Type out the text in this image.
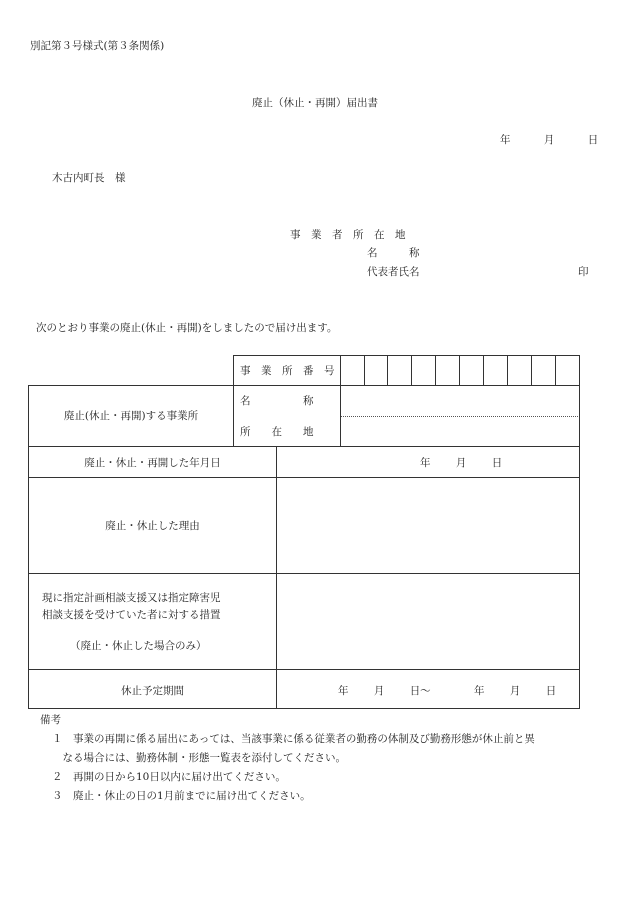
別記第３号様式(第３条関係)
廃止（休止・再開）届出書
年	月	日
木古内町長　様
事　業　者　所　在　地
名　　　称
代表者氏名	印
次のとおり事業の廃止(休止・再開)をしましたので届け出ます。
事　業　所　番　号
廃止(休止・再開)する事業所
名　　　　　称
所　　在　　地
廃止・休止・再開した年月日	年 月 日
廃止・休止した理由
現に指定計画相談支援又は指定障害児
相談支援を受けていた者に対する措置
（廃止・休止した場合のみ）
休止予定期間	年 月 日～	年 月 日
備考
１　事業の再開に係る届出にあっては、当該事業に係る従業者の勤務の体制及び勤務形態が休止前と異
　なる場合には、勤務体制・形態一覧表を添付してください。
２　再開の日から10日以内に届け出てください。
３　廃止・休止の日の1月前までに届け出てください。
